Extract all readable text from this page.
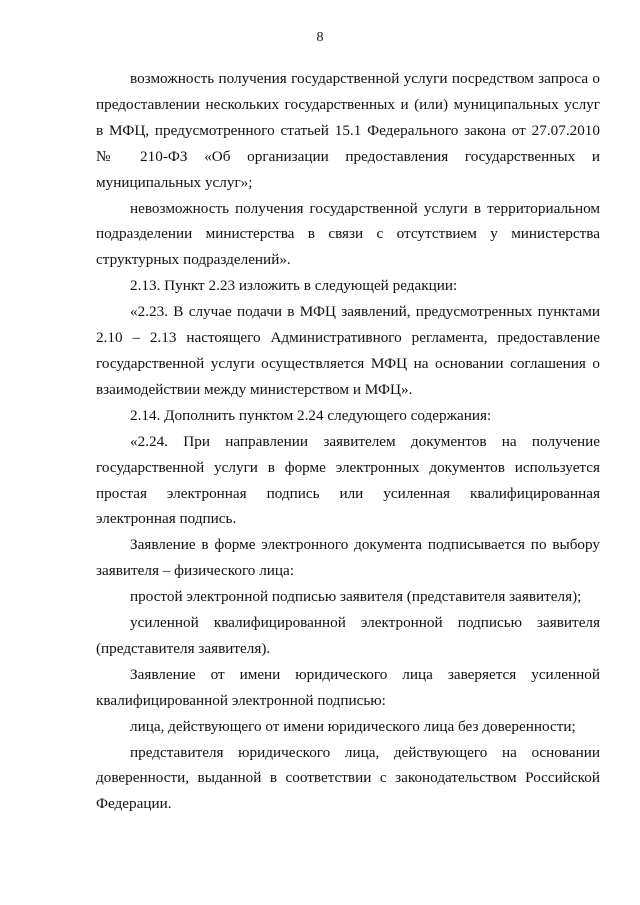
8

возможность получения государственной услуги посредством запроса о предоставлении нескольких государственных и (или) муниципальных услуг в МФЦ, предусмотренного статьей 15.1 Федерального закона от 27.07.2010 № 210-ФЗ «Об организации предоставления государственных и муниципальных услуг»;

невозможность получения государственной услуги в территориальном подразделении министерства в связи с отсутствием у министерства структурных подразделений».

2.13. Пункт 2.23 изложить в следующей редакции:

«2.23. В случае подачи в МФЦ заявлений, предусмотренных пунктами 2.10 – 2.13 настоящего Административного регламента, предоставление государственной услуги осуществляется МФЦ на основании соглашения о взаимодействии между министерством и МФЦ».

2.14. Дополнить пунктом 2.24 следующего содержания:

«2.24. При направлении заявителем документов на получение государственной услуги в форме электронных документов используется простая электронная подпись или усиленная квалифицированная электронная подпись.

Заявление в форме электронного документа подписывается по выбору заявителя – физического лица:

простой электронной подписью заявителя (представителя заявителя);

усиленной квалифицированной электронной подписью заявителя (представителя заявителя).

Заявление от имени юридического лица заверяется усиленной квалифицированной электронной подписью:

лица, действующего от имени юридического лица без доверенности;

представителя юридического лица, действующего на основании доверенности, выданной в соответствии с законодательством Российской Федерации.
